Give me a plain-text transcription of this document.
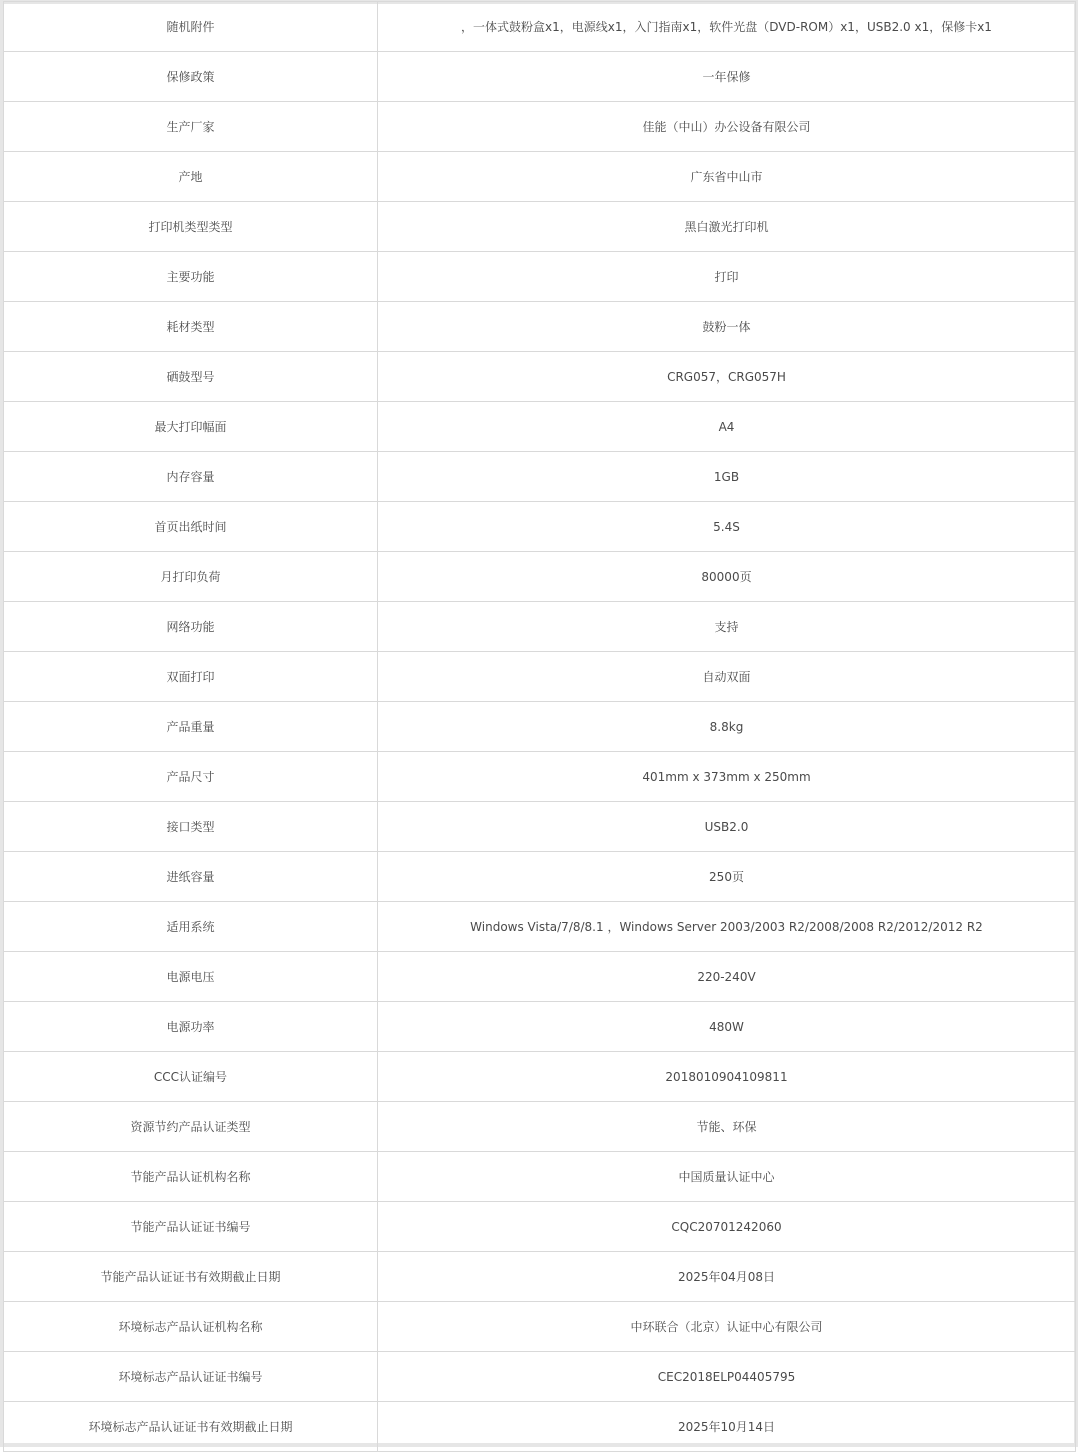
随机附件	，一体式鼓粉盒x1，电源线x1，入门指南x1，软件光盘（DVD-ROM）x1，USB2.0 x1，保修卡x1
保修政策	一年保修
生产厂家	佳能（中山）办公设备有限公司
产地	广东省中山市
打印机类型类型	黑白激光打印机
主要功能	打印
耗材类型	鼓粉一体
硒鼓型号	CRG057，CRG057H
最大打印幅面	A4
内存容量	1GB
首页出纸时间	5.4S
月打印负荷	80000页
网络功能	支持
双面打印	自动双面
产品重量	8.8kg
产品尺寸	401mm x 373mm x 250mm
接口类型	USB2.0
进纸容量	250页
适用系统	Windows Vista/7/8/8.1 ，Windows Server 2003/2003 R2/2008/2008 R2/2012/2012 R2
电源电压	220-240V
电源功率	480W
CCC认证编号	2018010904109811
资源节约产品认证类型	节能、环保
节能产品认证机构名称	中国质量认证中心
节能产品认证证书编号	CQC20701242060
节能产品认证证书有效期截止日期	2025年04月08日
环境标志产品认证机构名称	中环联合（北京）认证中心有限公司
环境标志产品认证证书编号	CEC2018ELP04405795
环境标志产品认证证书有效期截止日期	2025年10月14日
